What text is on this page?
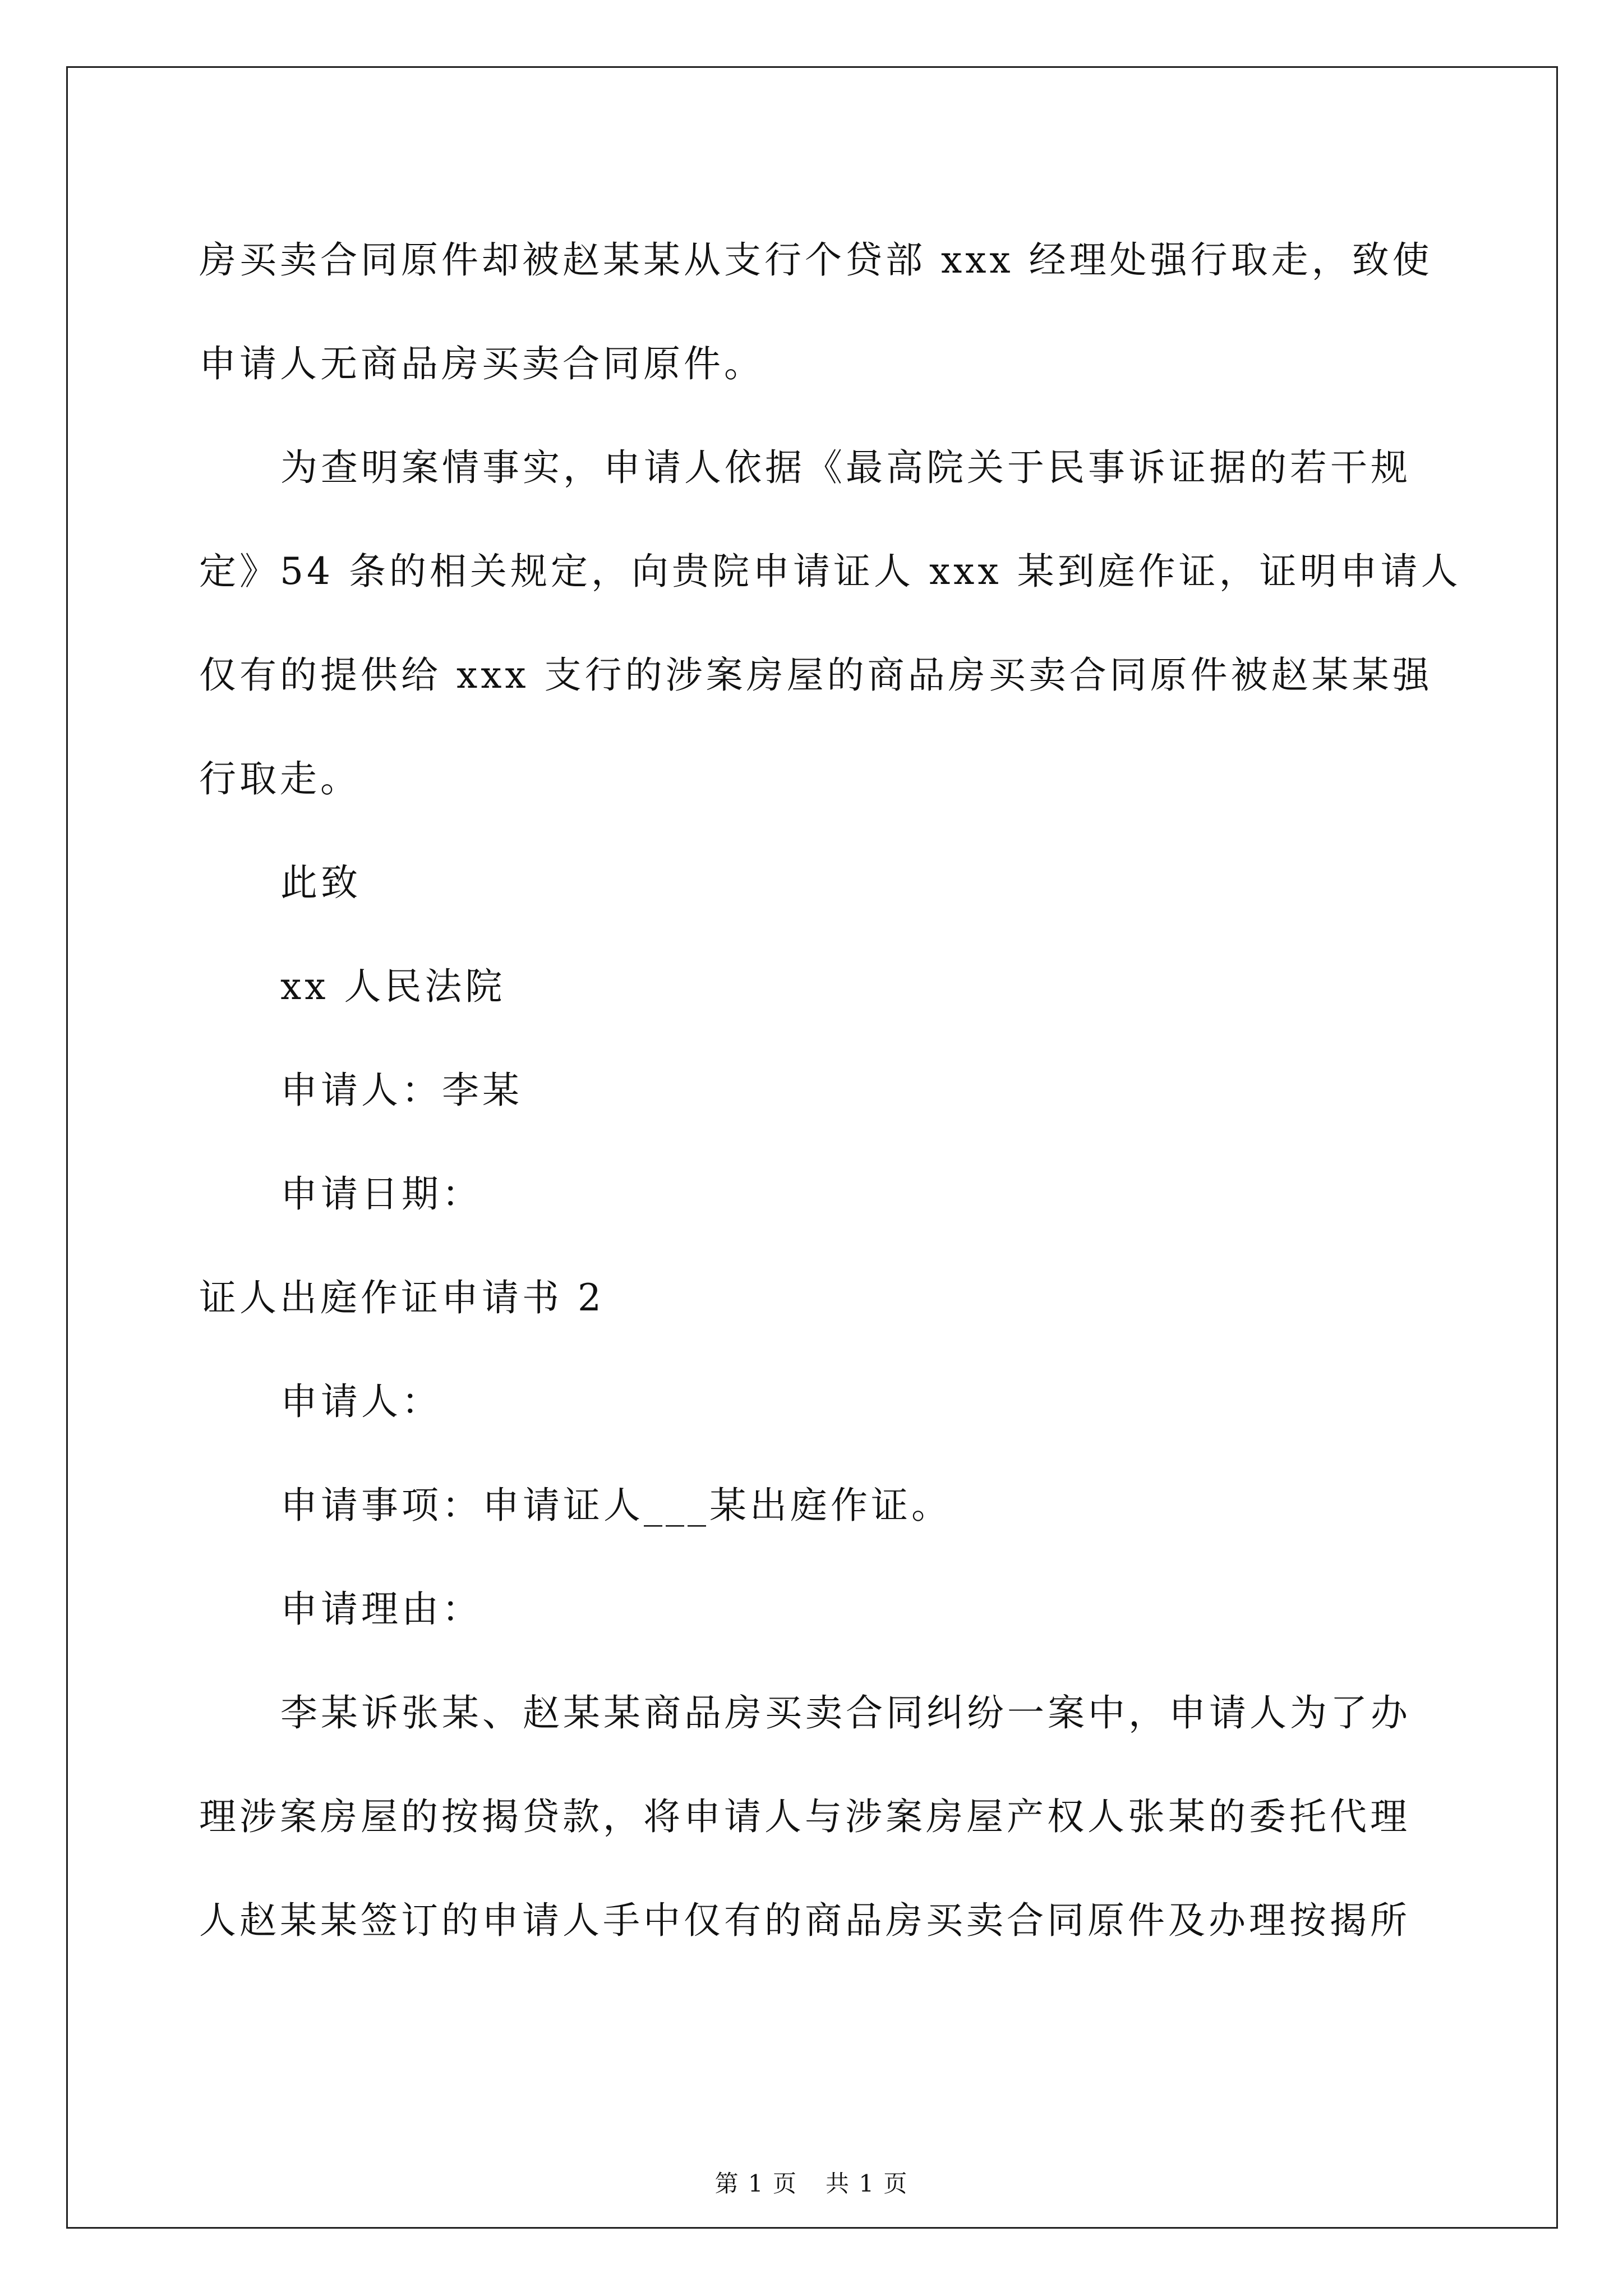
房买卖合同原件却被赵某某从支行个贷部 xxx 经理处强行取走，致使
申请人无商品房买卖合同原件。
为查明案情事实，申请人依据《最高院关于民事诉证据的若干规
定》54 条的相关规定，向贵院申请证人 xxx 某到庭作证，证明申请人
仅有的提供给 xxx 支行的涉案房屋的商品房买卖合同原件被赵某某强
行取走。
此致
xx 人民法院
申请人：李某
申请日期：
证人出庭作证申请书 2
申请人：
申请事项：申请证人___某出庭作证。
申请理由：
李某诉张某、赵某某商品房买卖合同纠纷一案中，申请人为了办
理涉案房屋的按揭贷款，将申请人与涉案房屋产权人张某的委托代理
人赵某某签订的申请人手中仅有的商品房买卖合同原件及办理按揭所
第 1 页 共 1 页
